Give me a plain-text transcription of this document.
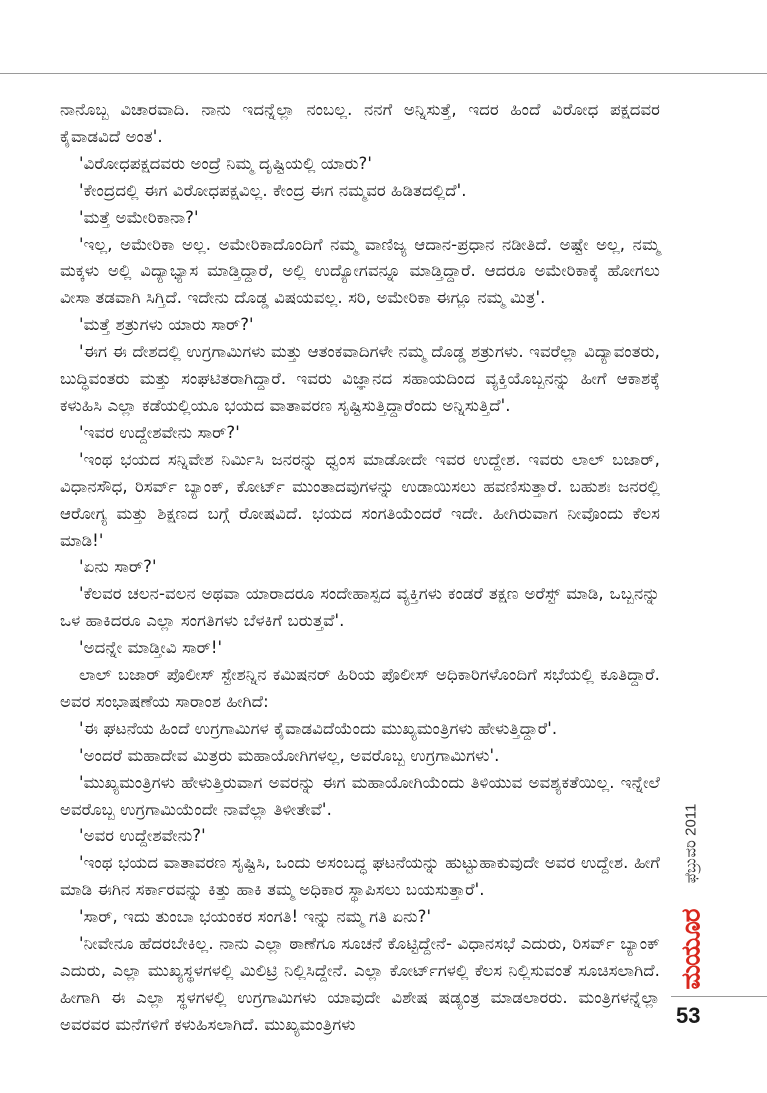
ನಾನೊಬ್ಬ ವಿಚಾರವಾದಿ. ನಾನು ಇದನ್ನೆಲ್ಲಾ ನಂಬಲ್ಲ. ನನಗೆ ಅನ್ನಿಸುತ್ತೆ, ಇದರ ಹಿಂದೆ ವಿರೋಧ ಪಕ್ಷದವರ ಕೈವಾಡವಿದೆ ಅಂತ'.

'ವಿರೋಧಪಕ್ಷದವರು ಅಂದ್ರೆ ನಿಮ್ಮ ದೃಷ್ಟಿಯಲ್ಲಿ ಯಾರು?'

'ಕೇಂದ್ರದಲ್ಲಿ ಈಗ ವಿರೋಧಪಕ್ಷವಿಲ್ಲ. ಕೇಂದ್ರ ಈಗ ನಮ್ಮವರ ಹಿಡಿತದಲ್ಲಿದೆ'.

'ಮತ್ತೆ ಅಮೇರಿಕಾನಾ?'

'ಇಲ್ಲ, ಅಮೇರಿಕಾ ಅಲ್ಲ. ಅಮೇರಿಕಾದೊಂದಿಗೆ ನಮ್ಮ ವಾಣಿಜ್ಯ ಆದಾನ-ಪ್ರಧಾನ ನಡೀತಿದೆ. ಅಷ್ಟೇ ಅಲ್ಲ, ನಮ್ಮ ಮಕ್ಕಳು ಅಲ್ಲಿ ವಿದ್ಯಾಭ್ಯಾಸ ಮಾಡ್ತಿದ್ದಾರೆ, ಅಲ್ಲಿ ಉದ್ಯೋಗವನ್ನೂ ಮಾಡ್ತಿದ್ದಾರೆ. ಆದರೂ ಅಮೇರಿಕಾಕ್ಕೆ ಹೋಗಲು ವೀಸಾ ತಡವಾಗಿ ಸಿಗ್ತಿದೆ. ಇದೇನು ದೊಡ್ಡ ವಿಷಯವಲ್ಲ. ಸರಿ, ಅಮೇರಿಕಾ ಈಗ್ಲೂ ನಮ್ಮ ಮಿತ್ರ'.

'ಮತ್ತೆ ಶತ್ರುಗಳು ಯಾರು ಸಾರ್?'

'ಈಗ ಈ ದೇಶದಲ್ಲಿ ಉಗ್ರಗಾಮಿಗಳು ಮತ್ತು ಆತಂಕವಾದಿಗಳೇ ನಮ್ಮ ದೊಡ್ಡ ಶತ್ರುಗಳು. ಇವರೆಲ್ಲಾ ವಿದ್ಯಾವಂತರು, ಬುದ್ಧಿವಂತರು ಮತ್ತು ಸಂಘಟಿತರಾಗಿದ್ದಾರೆ. ಇವರು ವಿಜ್ಞಾನದ ಸಹಾಯದಿಂದ ವ್ಯಕ್ತಿಯೊಬ್ಬನನ್ನು ಹೀಗೆ ಆಕಾಶಕ್ಕೆ ಕಳುಹಿಸಿ ಎಲ್ಲಾ ಕಡೆಯಲ್ಲಿಯೂ ಭಯದ ವಾತಾವರಣ ಸೃಷ್ಟಿಸುತ್ತಿದ್ದಾರೆಂದು ಅನ್ನಿಸುತ್ತಿದೆ'.

'ಇವರ ಉದ್ದೇಶವೇನು ಸಾರ್?'

'ಇಂಥ ಭಯದ ಸನ್ನಿವೇಶ ನಿರ್ಮಿಸಿ ಜನರನ್ನು ಧ್ವಂಸ ಮಾಡೋದೇ ಇವರ ಉದ್ದೇಶ. ಇವರು ಲಾಲ್ ಬಜಾರ್, ವಿಧಾನಸೌಧ, ರಿಸರ್ವ್ ಬ್ಯಾಂಕ್, ಕೋರ್ಟ್ ಮುಂತಾದವುಗಳನ್ನು ಉಡಾಯಿಸಲು ಹವಣಿಸುತ್ತಾರೆ. ಬಹುಶಃ ಜನರಲ್ಲಿ ಆರೋಗ್ಯ ಮತ್ತು ಶಿಕ್ಷಣದ ಬಗ್ಗೆ ರೋಷವಿದೆ. ಭಯದ ಸಂಗತಿಯೆಂದರೆ ಇದೇ. ಹೀಗಿರುವಾಗ ನೀವೊಂದು ಕೆಲಸ ಮಾಡಿ!'

'ಏನು ಸಾರ್?'

'ಕೆಲವರ ಚಲನ-ವಲನ ಅಥವಾ ಯಾರಾದರೂ ಸಂದೇಹಾಸ್ಪದ ವ್ಯಕ್ತಿಗಳು ಕಂಡರೆ ತಕ್ಷಣ ಅರೆಸ್ಟ್ ಮಾಡಿ, ಒಬ್ಬನನ್ನು ಒಳ ಹಾಕಿದರೂ ಎಲ್ಲಾ ಸಂಗತಿಗಳು ಬೆಳಕಿಗೆ ಬರುತ್ತವೆ'.

'ಅದನ್ನೇ ಮಾಡ್ತೀವಿ ಸಾರ್!'

ಲಾಲ್ ಬಜಾರ್ ಪೊಲೀಸ್ ಸ್ಟೇಶನ್ನಿನ ಕಮಿಷನರ್ ಹಿರಿಯ ಪೊಲೀಸ್ ಅಧಿಕಾರಿಗಳೊಂದಿಗೆ ಸಭೆಯಲ್ಲಿ ಕೂತಿದ್ದಾರೆ. ಅವರ ಸಂಭಾಷಣೆಯ ಸಾರಾಂಶ ಹೀಗಿದೆ:

'ಈ ಘಟನೆಯ ಹಿಂದೆ ಉಗ್ರಗಾಮಿಗಳ ಕೈವಾಡವಿದೆಯೆಂದು ಮುಖ್ಯಮಂತ್ರಿಗಳು ಹೇಳುತ್ತಿದ್ದಾರೆ'.

'ಅಂದರೆ ಮಹಾದೇವ ಮಿತ್ರರು ಮಹಾಯೋಗಿಗಳಲ್ಲ, ಅವರೊಬ್ಬ ಉಗ್ರಗಾಮಿಗಳು'.

'ಮುಖ್ಯಮಂತ್ರಿಗಳು ಹೇಳುತ್ತಿರುವಾಗ ಅವರನ್ನು ಈಗ ಮಹಾಯೋಗಿಯೆಂದು ತಿಳಿಯುವ ಅವಶ್ಯಕತೆಯಿಲ್ಲ. ಇನ್ನೇಲೆ ಅವರೊಬ್ಬ ಉಗ್ರಗಾಮಿಯೆಂದೇ ನಾವೆಲ್ಲಾ ತಿಳೀತೇವೆ'.

'ಅವರ ಉದ್ದೇಶವೇನು?'

'ಇಂಥ ಭಯದ ವಾತಾವರಣ ಸೃಷ್ಟಿಸಿ, ಒಂದು ಅಸಂಬದ್ಧ ಘಟನೆಯನ್ನು ಹುಟ್ಟುಹಾಕುವುದೇ ಅವರ ಉದ್ದೇಶ. ಹೀಗೆ ಮಾಡಿ ಈಗಿನ ಸರ್ಕಾರವನ್ನು ಕಿತ್ತು ಹಾಕಿ ತಮ್ಮ ಅಧಿಕಾರ ಸ್ಥಾಪಿಸಲು ಬಯಸುತ್ತಾರೆ'.

'ಸಾರ್, ಇದು ತುಂಬಾ ಭಯಂಕರ ಸಂಗತಿ! ಇನ್ನು ನಮ್ಮ ಗತಿ ಏನು?'

'ನೀವೇನೂ ಹೆದರಬೇಕಿಲ್ಲ. ನಾನು ಎಲ್ಲಾ ಠಾಣೆಗೂ ಸೂಚನೆ ಕೊಟ್ಟಿದ್ದೇನೆ- ವಿಧಾನಸಭೆ ಎದುರು, ರಿಸರ್ವ್ ಬ್ಯಾಂಕ್ ಎದುರು, ಎಲ್ಲಾ ಮುಖ್ಯಸ್ಥಳಗಳಲ್ಲಿ ಮಿಲಿಟ್ರಿ ನಿಲ್ಲಿಸಿದ್ದೇನೆ. ಎಲ್ಲಾ ಕೋರ್ಟ್‌ಗಳಲ್ಲಿ ಕೆಲಸ ನಿಲ್ಲಿಸುವಂತೆ ಸೂಚಿಸಲಾಗಿದೆ. ಹೀಗಾಗಿ ಈ ಎಲ್ಲಾ ಸ್ಥಳಗಳಲ್ಲಿ ಉಗ್ರಗಾಮಿಗಳು ಯಾವುದೇ ವಿಶೇಷ ಷಡ್ಯಂತ್ರ ಮಾಡಲಾರರು. ಮಂತ್ರಿಗಳನ್ನೆಲ್ಲಾ ಅವರವರ ಮನೆಗಳಿಗೆ ಕಳುಹಿಸಲಾಗಿದೆ. ಮುಖ್ಯಮಂತ್ರಿಗಳು

ಫೆಬ್ರುವರಿ 2011
ಮಯೂರ
53
